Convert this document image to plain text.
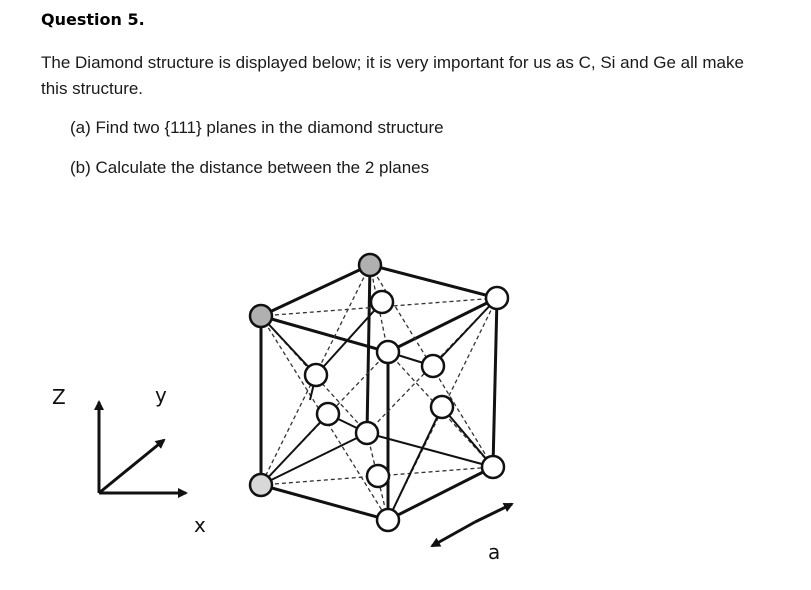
Question 5.
The Diamond structure is displayed below; it is very important for us as C, Si and Ge all make this structure.
(a) Find two {111} planes in the diamond structure
(b) Calculate the distance between the 2 planes
Z	y
x
a
